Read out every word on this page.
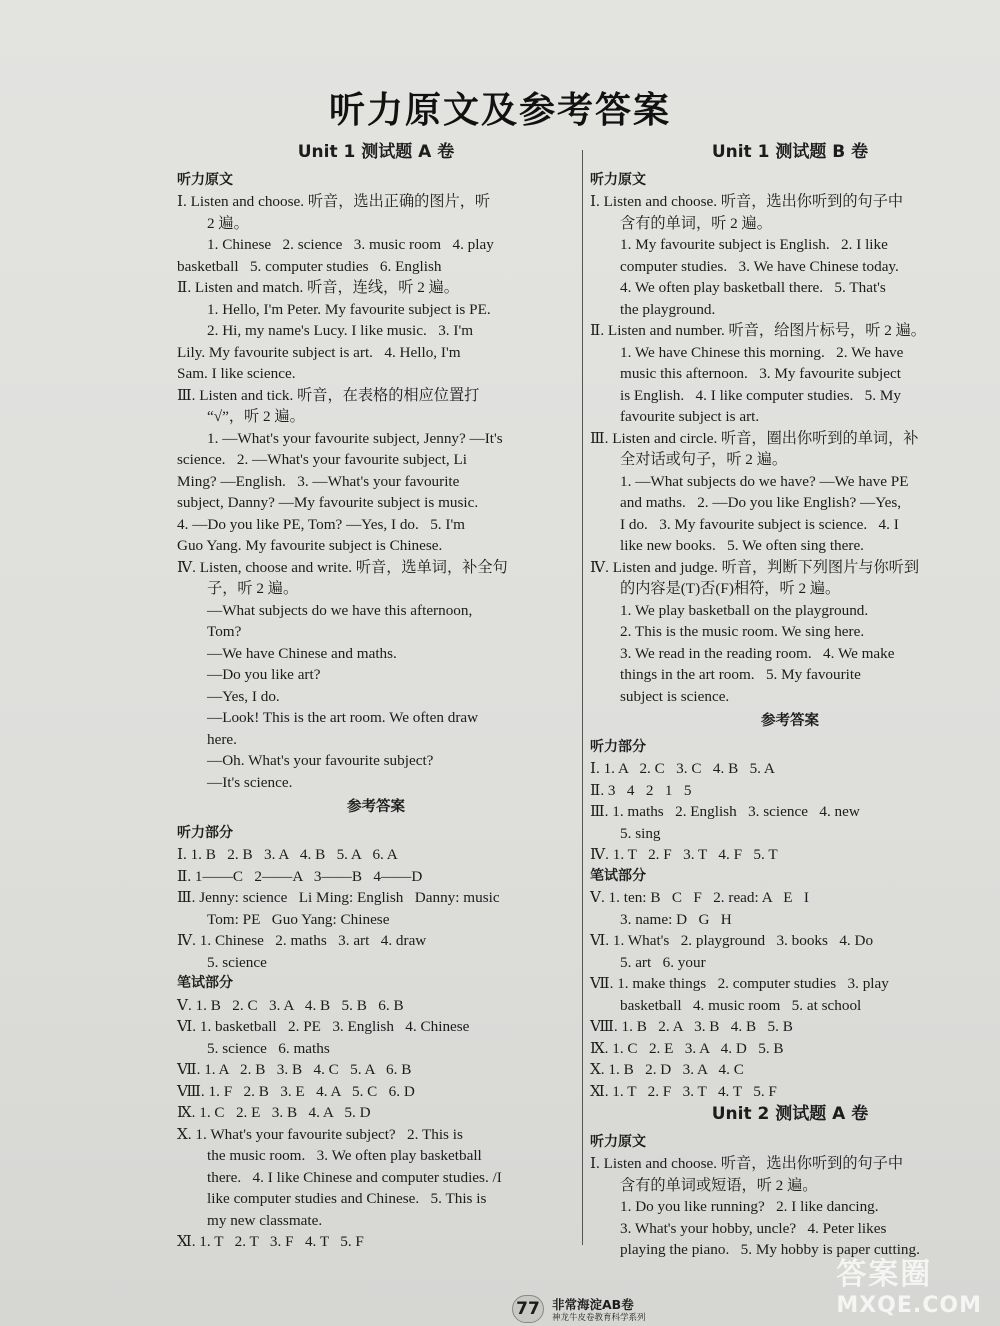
听力原文及参考答案
Unit 1 测试题 A 卷
听力原文
Ⅰ. Listen and choose. 听音，选出正确的图片，听
2 遍。
1. Chinese   2. science   3. music room   4. play
basketball   5. computer studies   6. English
Ⅱ. Listen and match. 听音，连线，听 2 遍。
1. Hello, I'm Peter. My favourite subject is PE.
2. Hi, my name's Lucy. I like music.   3. I'm
Lily. My favourite subject is art.   4. Hello, I'm
Sam. I like science.
Ⅲ. Listen and tick. 听音，在表格的相应位置打
“√”，听 2 遍。
1. —What's your favourite subject, Jenny? —It's
science.   2. —What's your favourite subject, Li
Ming? —English.   3. —What's your favourite
subject, Danny? —My favourite subject is music.
4. —Do you like PE, Tom? —Yes, I do.   5. I'm
Guo Yang. My favourite subject is Chinese.
Ⅳ. Listen, choose and write. 听音，选单词，补全句
子，听 2 遍。
—What subjects do we have this afternoon,
Tom?
—We have Chinese and maths.
—Do you like art?
—Yes, I do.
—Look! This is the art room. We often draw
here.
—Oh. What's your favourite subject?
—It's science.
参考答案
听力部分
Ⅰ. 1. B   2. B   3. A   4. B   5. A   6. A
Ⅱ. 1——C   2——A   3——B   4——D
Ⅲ. Jenny: science   Li Ming: English   Danny: music
Tom: PE   Guo Yang: Chinese
Ⅳ. 1. Chinese   2. maths   3. art   4. draw
5. science
笔试部分
Ⅴ. 1. B   2. C   3. A   4. B   5. B   6. B
Ⅵ. 1. basketball   2. PE   3. English   4. Chinese
5. science   6. maths
Ⅶ. 1. A   2. B   3. B   4. C   5. A   6. B
Ⅷ. 1. F   2. B   3. E   4. A   5. C   6. D
Ⅸ. 1. C   2. E   3. B   4. A   5. D
Ⅹ. 1. What's your favourite subject?   2. This is
the music room.   3. We often play basketball
there.   4. I like Chinese and computer studies. /I
like computer studies and Chinese.   5. This is
my new classmate.
Ⅺ. 1. T   2. T   3. F   4. T   5. F
Unit 1 测试题 B 卷
听力原文
Ⅰ. Listen and choose. 听音，选出你听到的句子中
含有的单词，听 2 遍。
1. My favourite subject is English.   2. I like
computer studies.   3. We have Chinese today.
4. We often play basketball there.   5. That's
the playground.
Ⅱ. Listen and number. 听音，给图片标号，听 2 遍。
1. We have Chinese this morning.   2. We have
music this afternoon.   3. My favourite subject
is English.   4. I like computer studies.   5. My
favourite subject is art.
Ⅲ. Listen and circle. 听音，圈出你听到的单词，补
全对话或句子，听 2 遍。
1. —What subjects do we have? —We have PE
and maths.   2. —Do you like English? —Yes,
I do.   3. My favourite subject is science.   4. I
like new books.   5. We often sing there.
Ⅳ. Listen and judge. 听音，判断下列图片与你听到
的内容是(T)否(F)相符，听 2 遍。
1. We play basketball on the playground.
2. This is the music room. We sing here.
3. We read in the reading room.   4. We make
things in the art room.   5. My favourite
subject is science.
参考答案
听力部分
Ⅰ. 1. A   2. C   3. C   4. B   5. A
Ⅱ. 3   4   2   1   5
Ⅲ. 1. maths   2. English   3. science   4. new
5. sing
Ⅳ. 1. T   2. F   3. T   4. F   5. T
笔试部分
Ⅴ. 1. ten: B   C   F   2. read: A   E   I
3. name: D   G   H
Ⅵ. 1. What's   2. playground   3. books   4. Do
5. art   6. your
Ⅶ. 1. make things   2. computer studies   3. play
basketball   4. music room   5. at school
Ⅷ. 1. B   2. A   3. B   4. B   5. B
Ⅸ. 1. C   2. E   3. A   4. D   5. B
Ⅹ. 1. B   2. D   3. A   4. C
Ⅺ. 1. T   2. F   3. T   4. T   5. F
Unit 2 测试题 A 卷
听力原文
Ⅰ. Listen and choose. 听音，选出你听到的句子中
含有的单词或短语，听 2 遍。
1. Do you like running?   2. I like dancing.
3. What's your hobby, uncle?   4. Peter likes
playing the piano.   5. My hobby is paper cutting.
77 非常海淀AB卷
神龙牛皮卷教育科学系列
答案圈
MXQE.COM
